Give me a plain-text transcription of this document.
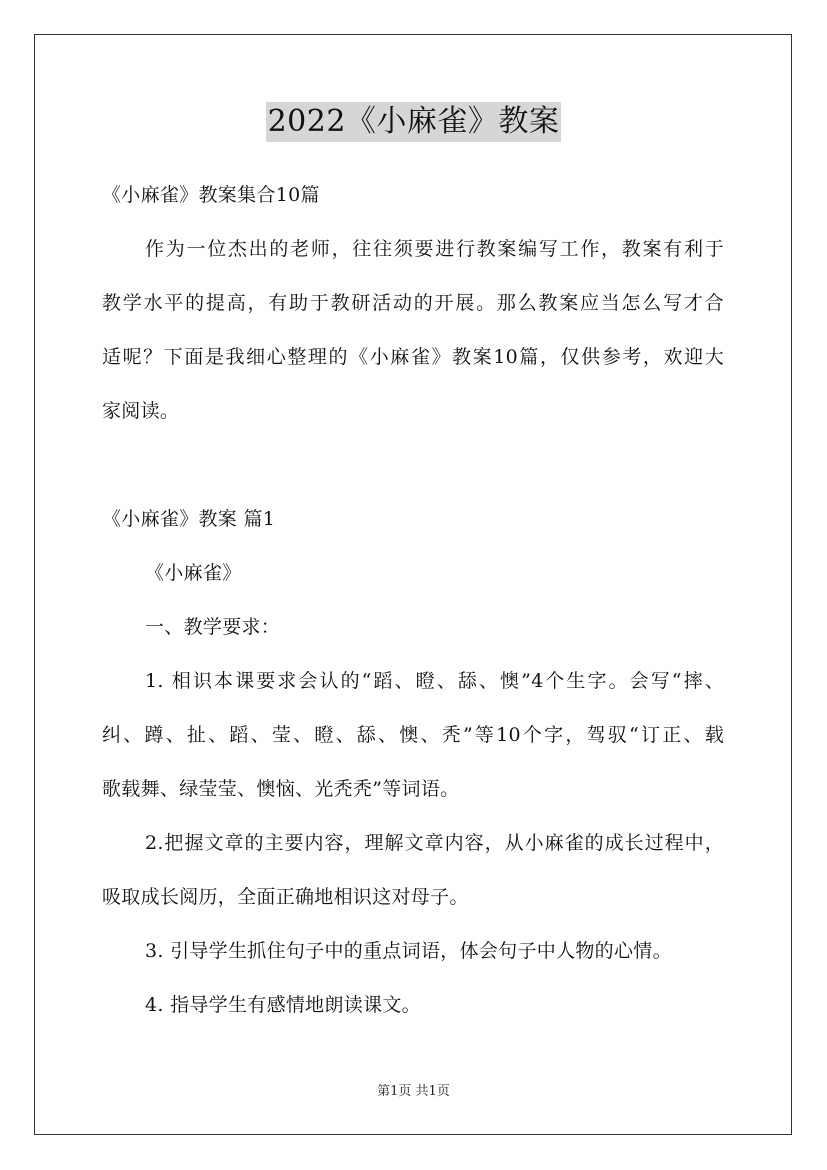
2022《小麻雀》教案
《小麻雀》教案集合10篇
作为一位杰出的老师，往往须要进行教案编写工作，教案有利于
教学水平的提高，有助于教研活动的开展。那么教案应当怎么写才合
适呢？下面是我细心整理的《小麻雀》教案10篇，仅供参考，欢迎大
家阅读。
《小麻雀》教案 篇1
《小麻雀》
一、教学要求：
1. 相识本课要求会认的“蹈、瞪、舔、懊”4个生字。会写“摔、
纠、蹲、扯、蹈、莹、瞪、舔、懊、秃”等10个字，驾驭“订正、载
歌载舞、绿莹莹、懊恼、光秃秃”等词语。
2.把握文章的主要内容，理解文章内容，从小麻雀的成长过程中，
吸取成长阅历，全面正确地相识这对母子。
3. 引导学生抓住句子中的重点词语，体会句子中人物的心情。
4. 指导学生有感情地朗读课文。
第1页 共1页
